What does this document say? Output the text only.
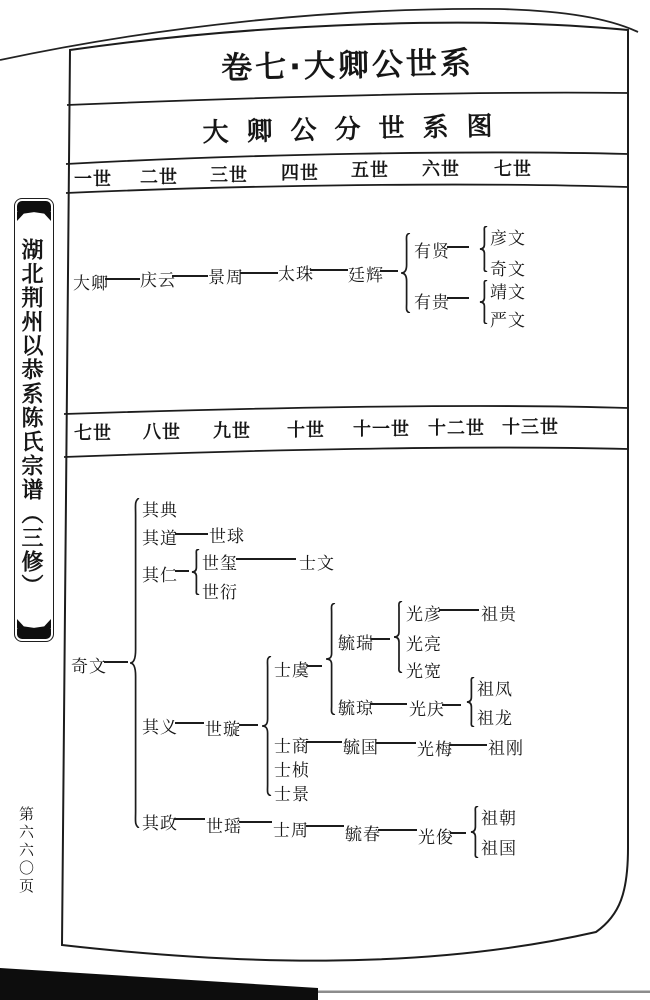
湖北荆州以恭系陈氏宗谱（三修）
第六六〇页
卷七·大卿公世系
大卿公分世系图
一世 二世 三世 四世 五世 六世 七世
大卿 庆云 景周 太珠 廷辉
有贤
彦文
奇文
有贵 靖文
严文
七世 八世 九世 十世 十一世 十二世 十三世
奇文
其典
其道 世球
其仁
世玺	士文
世衍
其义 世璇
士虞
毓瑞
光彦 祖贵
光亮
光宽
毓琼 光庆
祖凤
祖龙
士商 毓国 光梅 祖刚
士桢
士景
其政 世瑶 士周 毓春 光俊
祖朝
祖国
